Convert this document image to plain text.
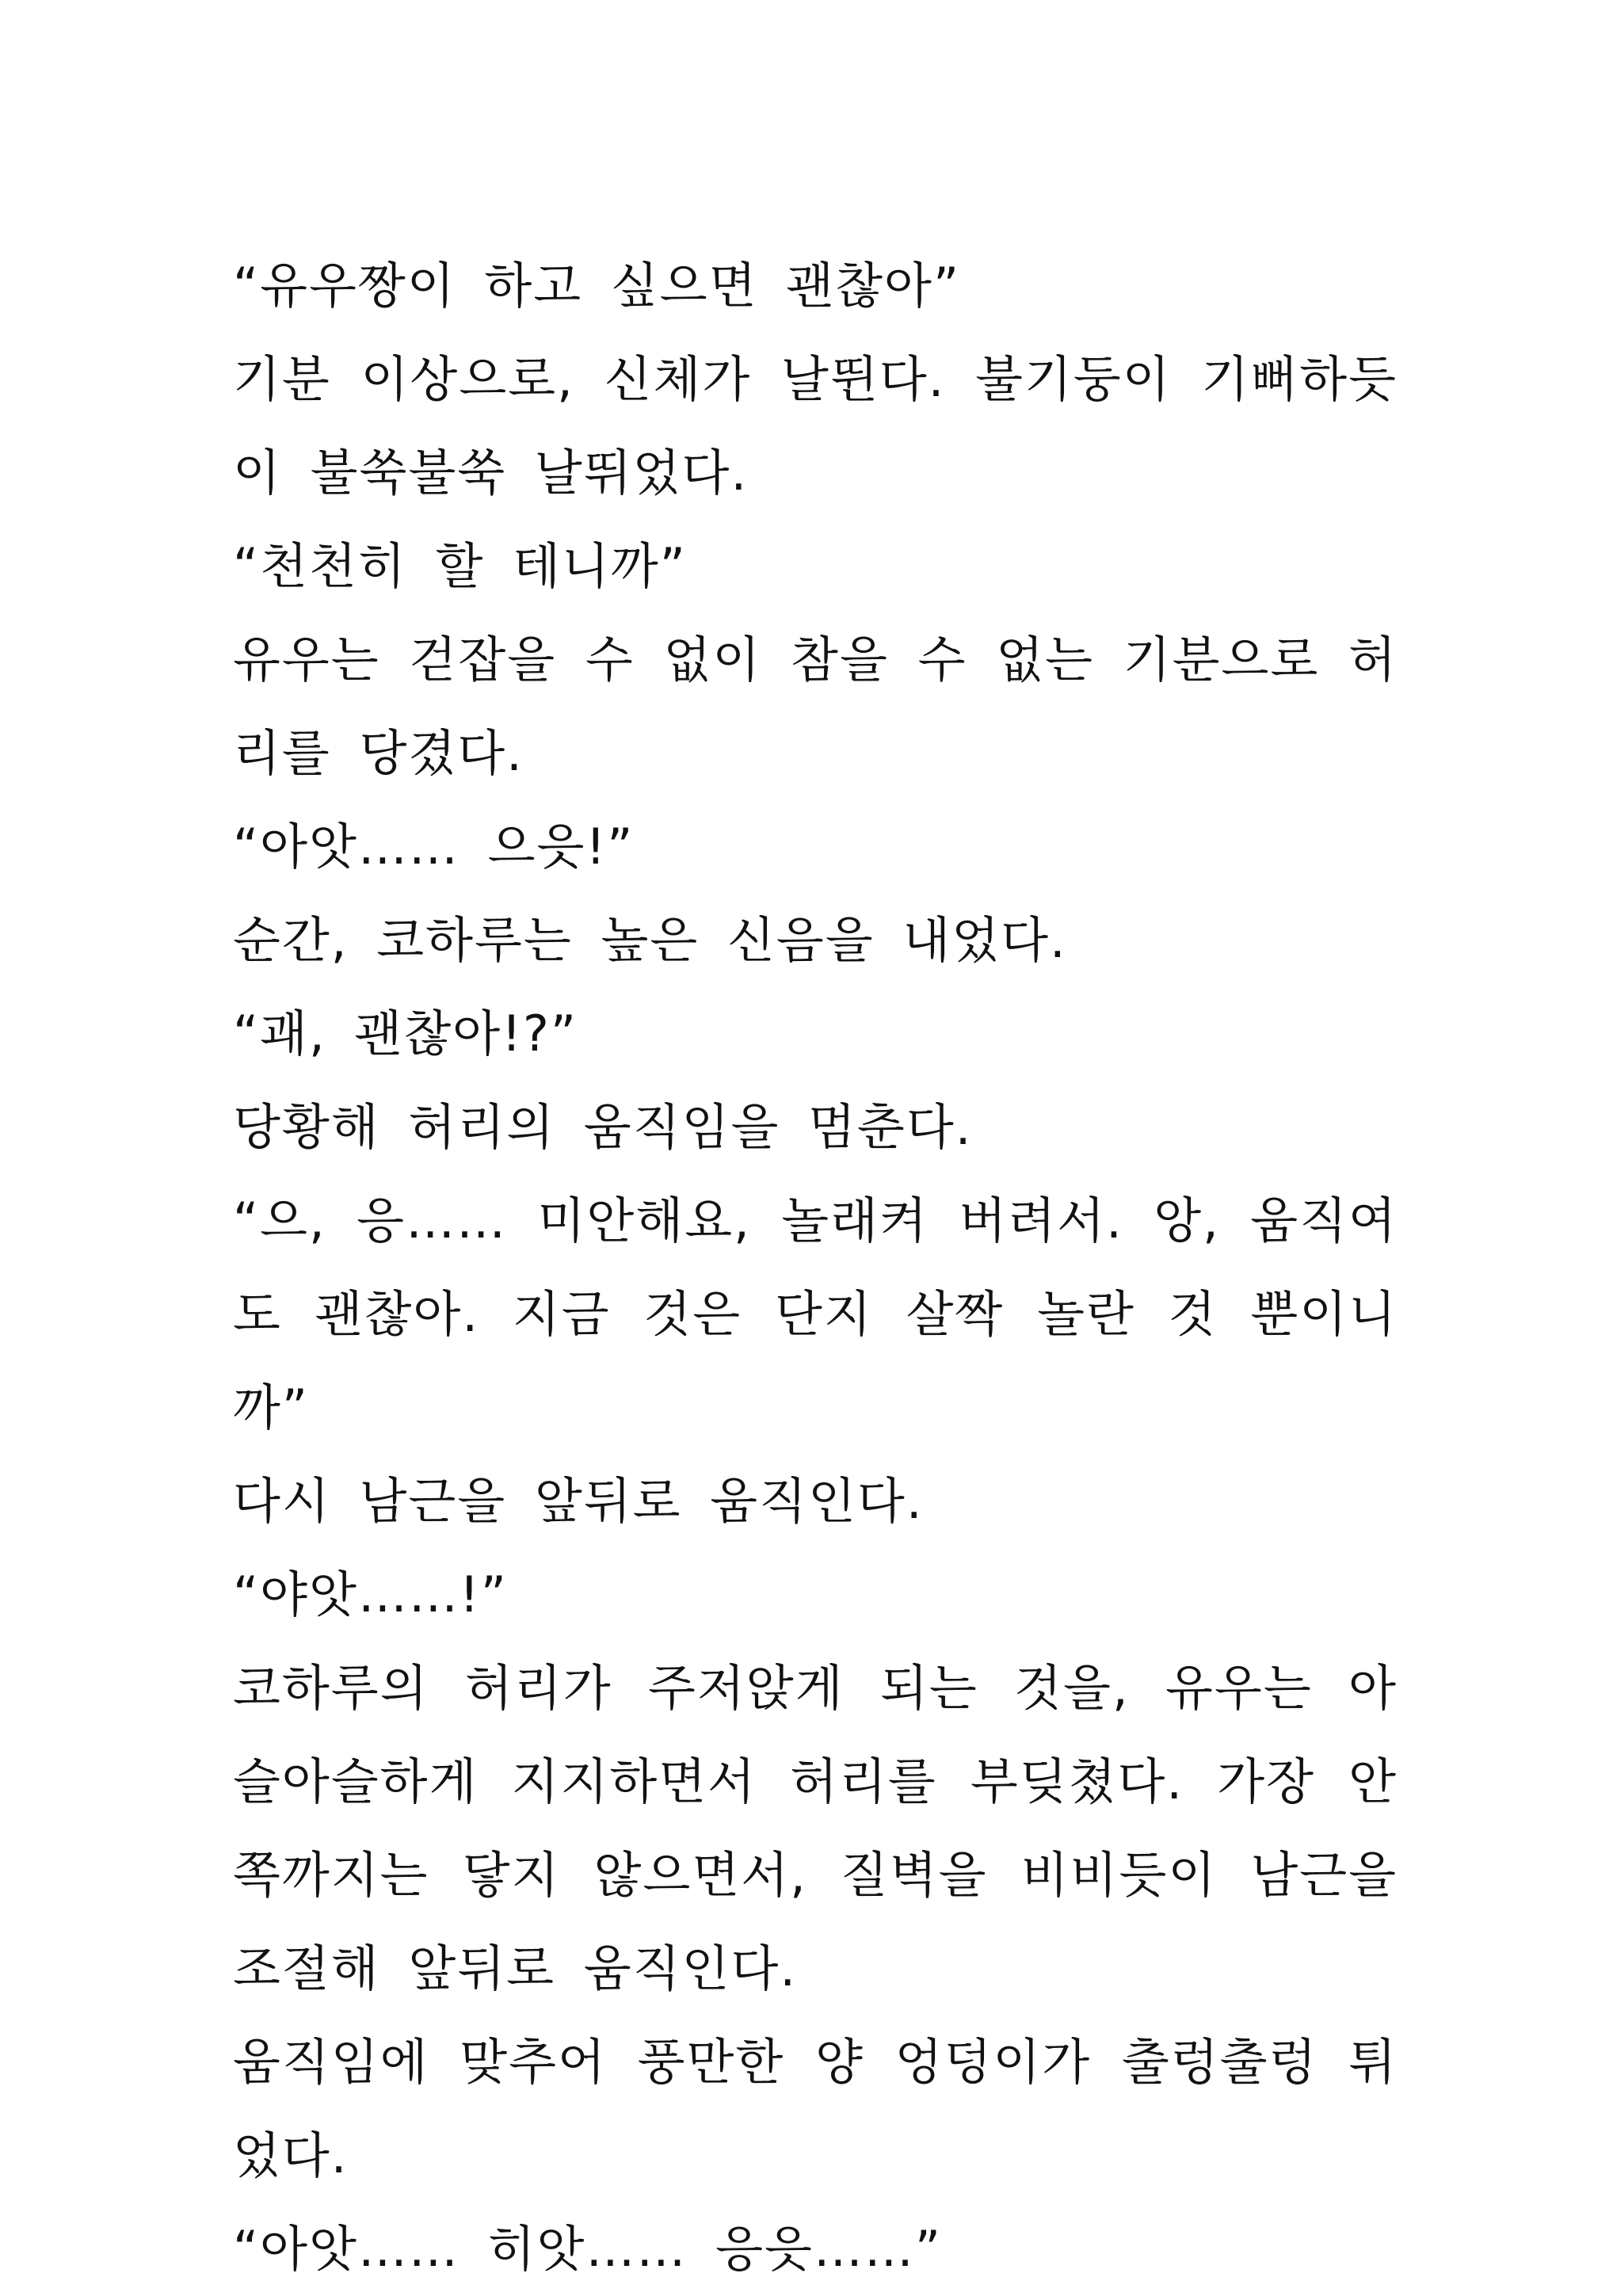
“유우짱이 하고 싶으면 괜찮아”

기분 이상으로, 신체가 날뛴다. 불기둥이 기뻐하듯이 불쑥불쑥 날뛰었다.

“천천히 할 테니까”

유우는 걷잡을 수 없이 참을 수 없는 기분으로 허리를 당겼다.

“아앗…… 으읏!”

순간, 코하루는 높은 신음을 내었다.

“괘, 괜찮아!?”

당황해 허리의 움직임을 멈춘다.

“으, 응…… 미안해요, 놀래켜 버려서. 앙, 움직여도 괜찮아. 지금 것은 단지 살짝 놀란 것 뿐이니까”

다시 남근을 앞뒤로 움직인다.

“야앗……!”

코하루의 허리가 주저앉게 되는 것을, 유우는 아슬아슬하게 지지하면서 허리를 부딪쳤다. 가장 안쪽까지는 닿지 않으면서, 질벽을 비비듯이 남근을 조절해 앞뒤로 움직인다.

움직임에 맞추어 풍만한 양 엉덩이가 출렁출렁 튀었다.

“아앗…… 히앗…… 응읏……”
